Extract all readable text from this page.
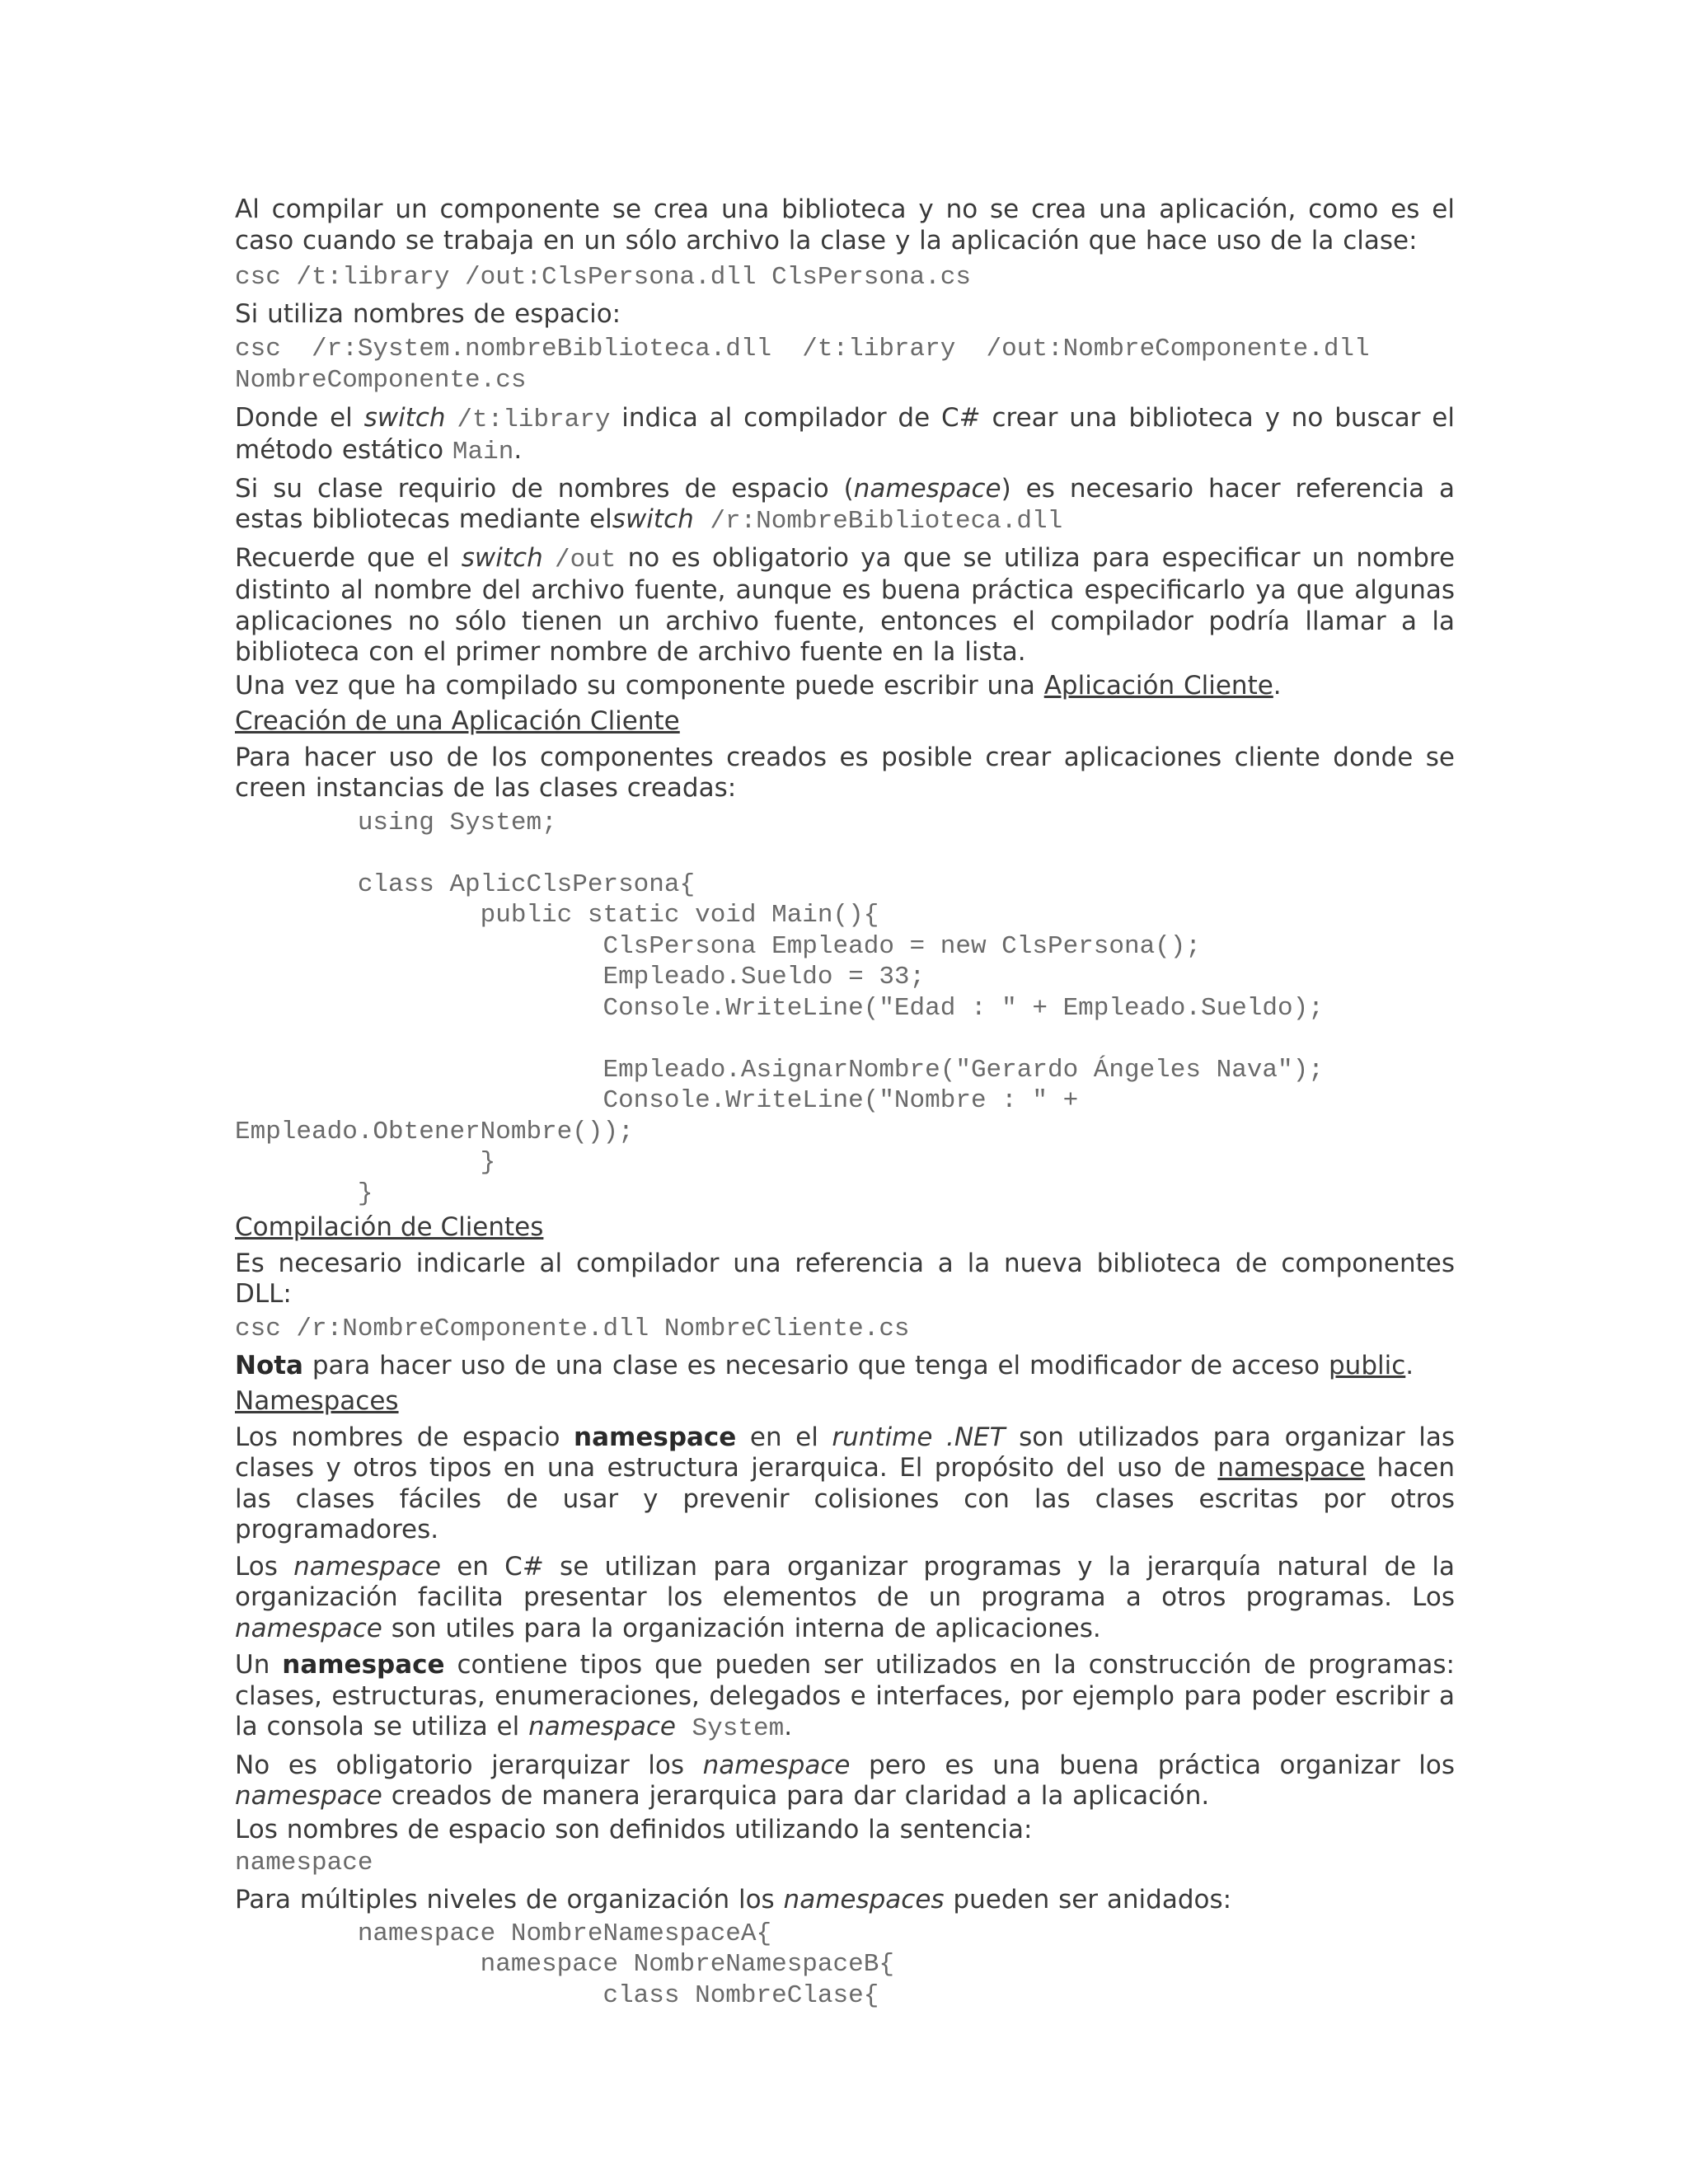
Al compilar un componente se crea una biblioteca y no se crea una aplicación, como es el caso cuando se trabaja en un sólo archivo la clase y la aplicación que hace uso de la clase:

csc /t:library /out:ClsPersona.dll ClsPersona.cs

Si utiliza nombres de espacio:

csc  /r:System.nombreBiblioteca.dll  /t:library  /out:NombreComponente.dll
NombreComponente.cs

Donde el switch /t:library indica al compilador de C# crear una biblioteca y no buscar el método estático Main.

Si su clase requirio de nombres de espacio (namespace) es necesario hacer referencia a estas bibliotecas mediante elswitch /r:NombreBiblioteca.dll

Recuerde que el switch /out no es obligatorio ya que se utiliza para especificar un nombre distinto al nombre del archivo fuente, aunque es buena práctica especificarlo ya que algunas aplicaciones no sólo tienen un archivo fuente, entonces el compilador podría llamar a la biblioteca con el primer nombre de archivo fuente en la lista.

Una vez que ha compilado su componente puede escribir una Aplicación Cliente.

Creación de una Aplicación Cliente

Para hacer uso de los componentes creados es posible crear aplicaciones cliente donde se creen instancias de las clases creadas:

using System;

class AplicClsPersona{
public static void Main(){
ClsPersona Empleado = new ClsPersona();
Empleado.Sueldo = 33;
Console.WriteLine("Edad : " + Empleado.Sueldo);

Empleado.AsignarNombre("Gerardo Ángeles Nava");
Console.WriteLine("Nombre : " +
Empleado.ObtenerNombre());
}
}
Compilación de Clientes

Es necesario indicarle al compilador una referencia a la nueva biblioteca de componentes DLL:

csc /r:NombreComponente.dll NombreCliente.cs

Nota para hacer uso de una clase es necesario que tenga el modificador de acceso public.

Namespaces

Los nombres de espacio namespace en el runtime .NET son utilizados para organizar las clases y otros tipos en una estructura jerarquica. El propósito del uso de namespace hacen las clases fáciles de usar y prevenir colisiones con las clases escritas por otros programadores.

Los namespace en C# se utilizan para organizar programas y la jerarquía natural de la organización facilita presentar los elementos de un programa a otros programas. Los namespace son utiles para la organización interna de aplicaciones.

Un namespace contiene tipos que pueden ser utilizados en la construcción de programas: clases, estructuras, enumeraciones, delegados e interfaces, por ejemplo para poder escribir a la consola se utiliza el namespace System.

No es obligatorio jerarquizar los namespace pero es una buena práctica organizar los namespace creados de manera jerarquica para dar claridad a la aplicación.

Los nombres de espacio son definidos utilizando la sentencia:

namespace

Para múltiples niveles de organización los namespaces pueden ser anidados:

namespace NombreNamespaceA{
namespace NombreNamespaceB{
class NombreClase{
